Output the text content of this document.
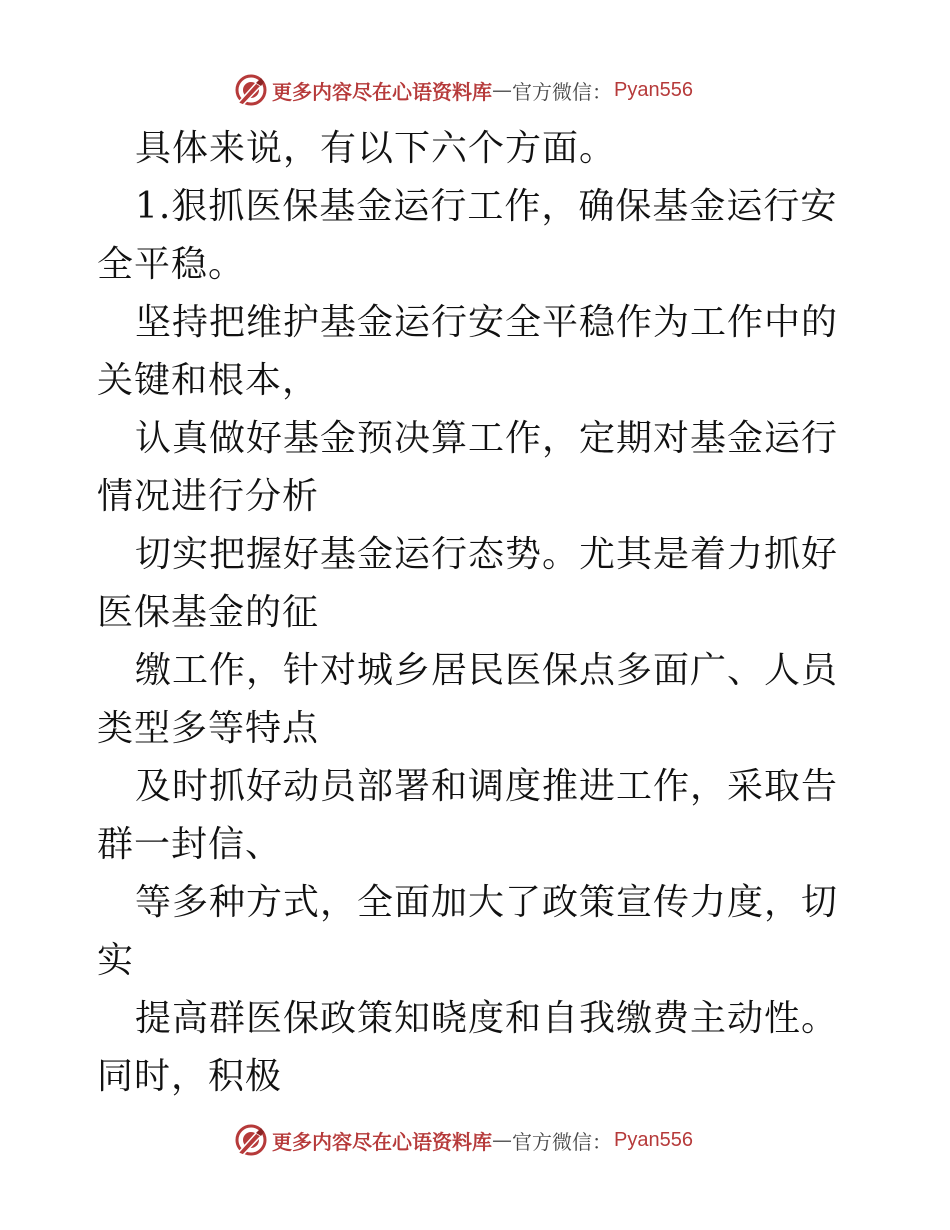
更多内容尽在心语资料库 — 官方微信： Pyan556

具体来说，有以下六个方面。

1.狠抓医保基金运行工作，确保基金运行安全平稳。

坚持把维护基金运行安全平稳作为工作中的关键和根本，

认真做好基金预决算工作，定期对基金运行情况进行分析

切实把握好基金运行态势。尤其是着力抓好医保基金的征

缴工作，针对城乡居民医保点多面广、人员类型多等特点

及时抓好动员部署和调度推进工作，采取告群一封信、

等多种方式，全面加大了政策宣传力度，切实

提高群医保政策知晓度和自我缴费主动性。同时，积极

更多内容尽在心语资料库 — 官方微信： Pyan556
